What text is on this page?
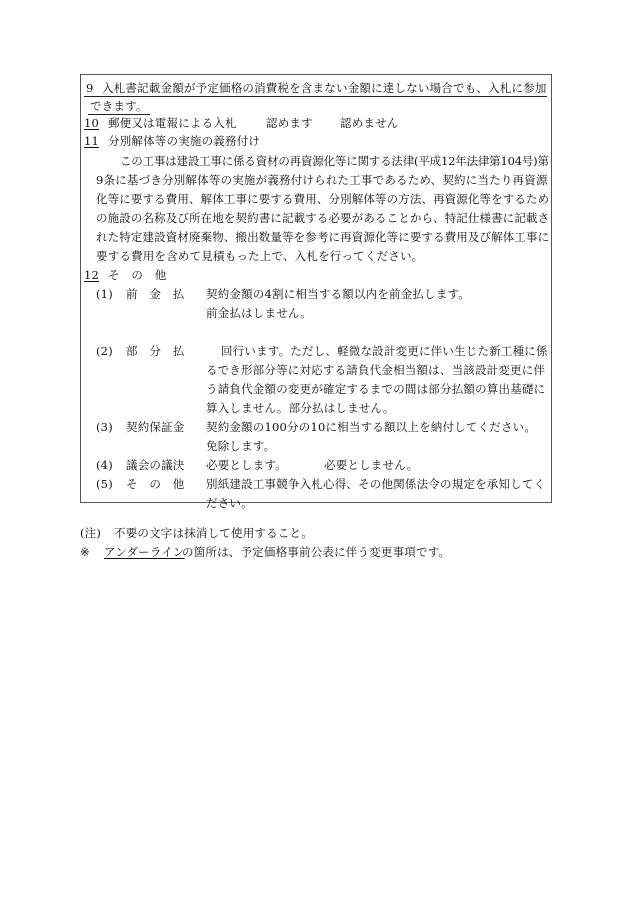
9 入札書記載金額が予定価格の消費税を含まない金額に達しない場合でも、入札に参加
できます。
10 郵便又は電報による入札	認めます 認めません
11 分別解体等の実施の義務付け
この工事は建設工事に係る資材の再資源化等に関する法律(平成12年法律第104号)第
9条に基づき分別解体等の実施が義務付けられた工事であるため、契約に当たり再資源
化等に要する費用、解体工事に要する費用、分別解体等の方法、再資源化等をするため
の施設の名称及び所在地を契約書に記載する必要があることから、特記仕様書に記載さ
れた特定建設資材廃棄物、搬出数量等を参考に再資源化等に要する費用及び解体工事に
要する費用を含めて見積もった上で、入札を行ってください。
12 そ　の　他
(1) 前　金　払 契約金額の4割に相当する額以内を前金払します。
前金払はしません。
(2) 部　分　払	回行います。ただし、軽微な設計変更に伴い生じた新工種に係
るでき形部分等に対応する請負代金相当額は、当該設計変更に伴
う請負代金額の変更が確定するまでの間は部分払額の算出基礎に
算入しません。部分払はしません。
(3) 契約保証金 契約金額の100分の10に相当する額以上を納付してください。
免除します。
(4) 議会の議決 必要とします。	必要としません。
(5) そ　の　他 別紙建設工事競争入札心得、その他関係法令の規定を承知してく
ださい。
(注) 不要の文字は抹消して使用すること。
※ アンダーライン
の箇所は、予定価格事前公表に伴う変更事項です。
